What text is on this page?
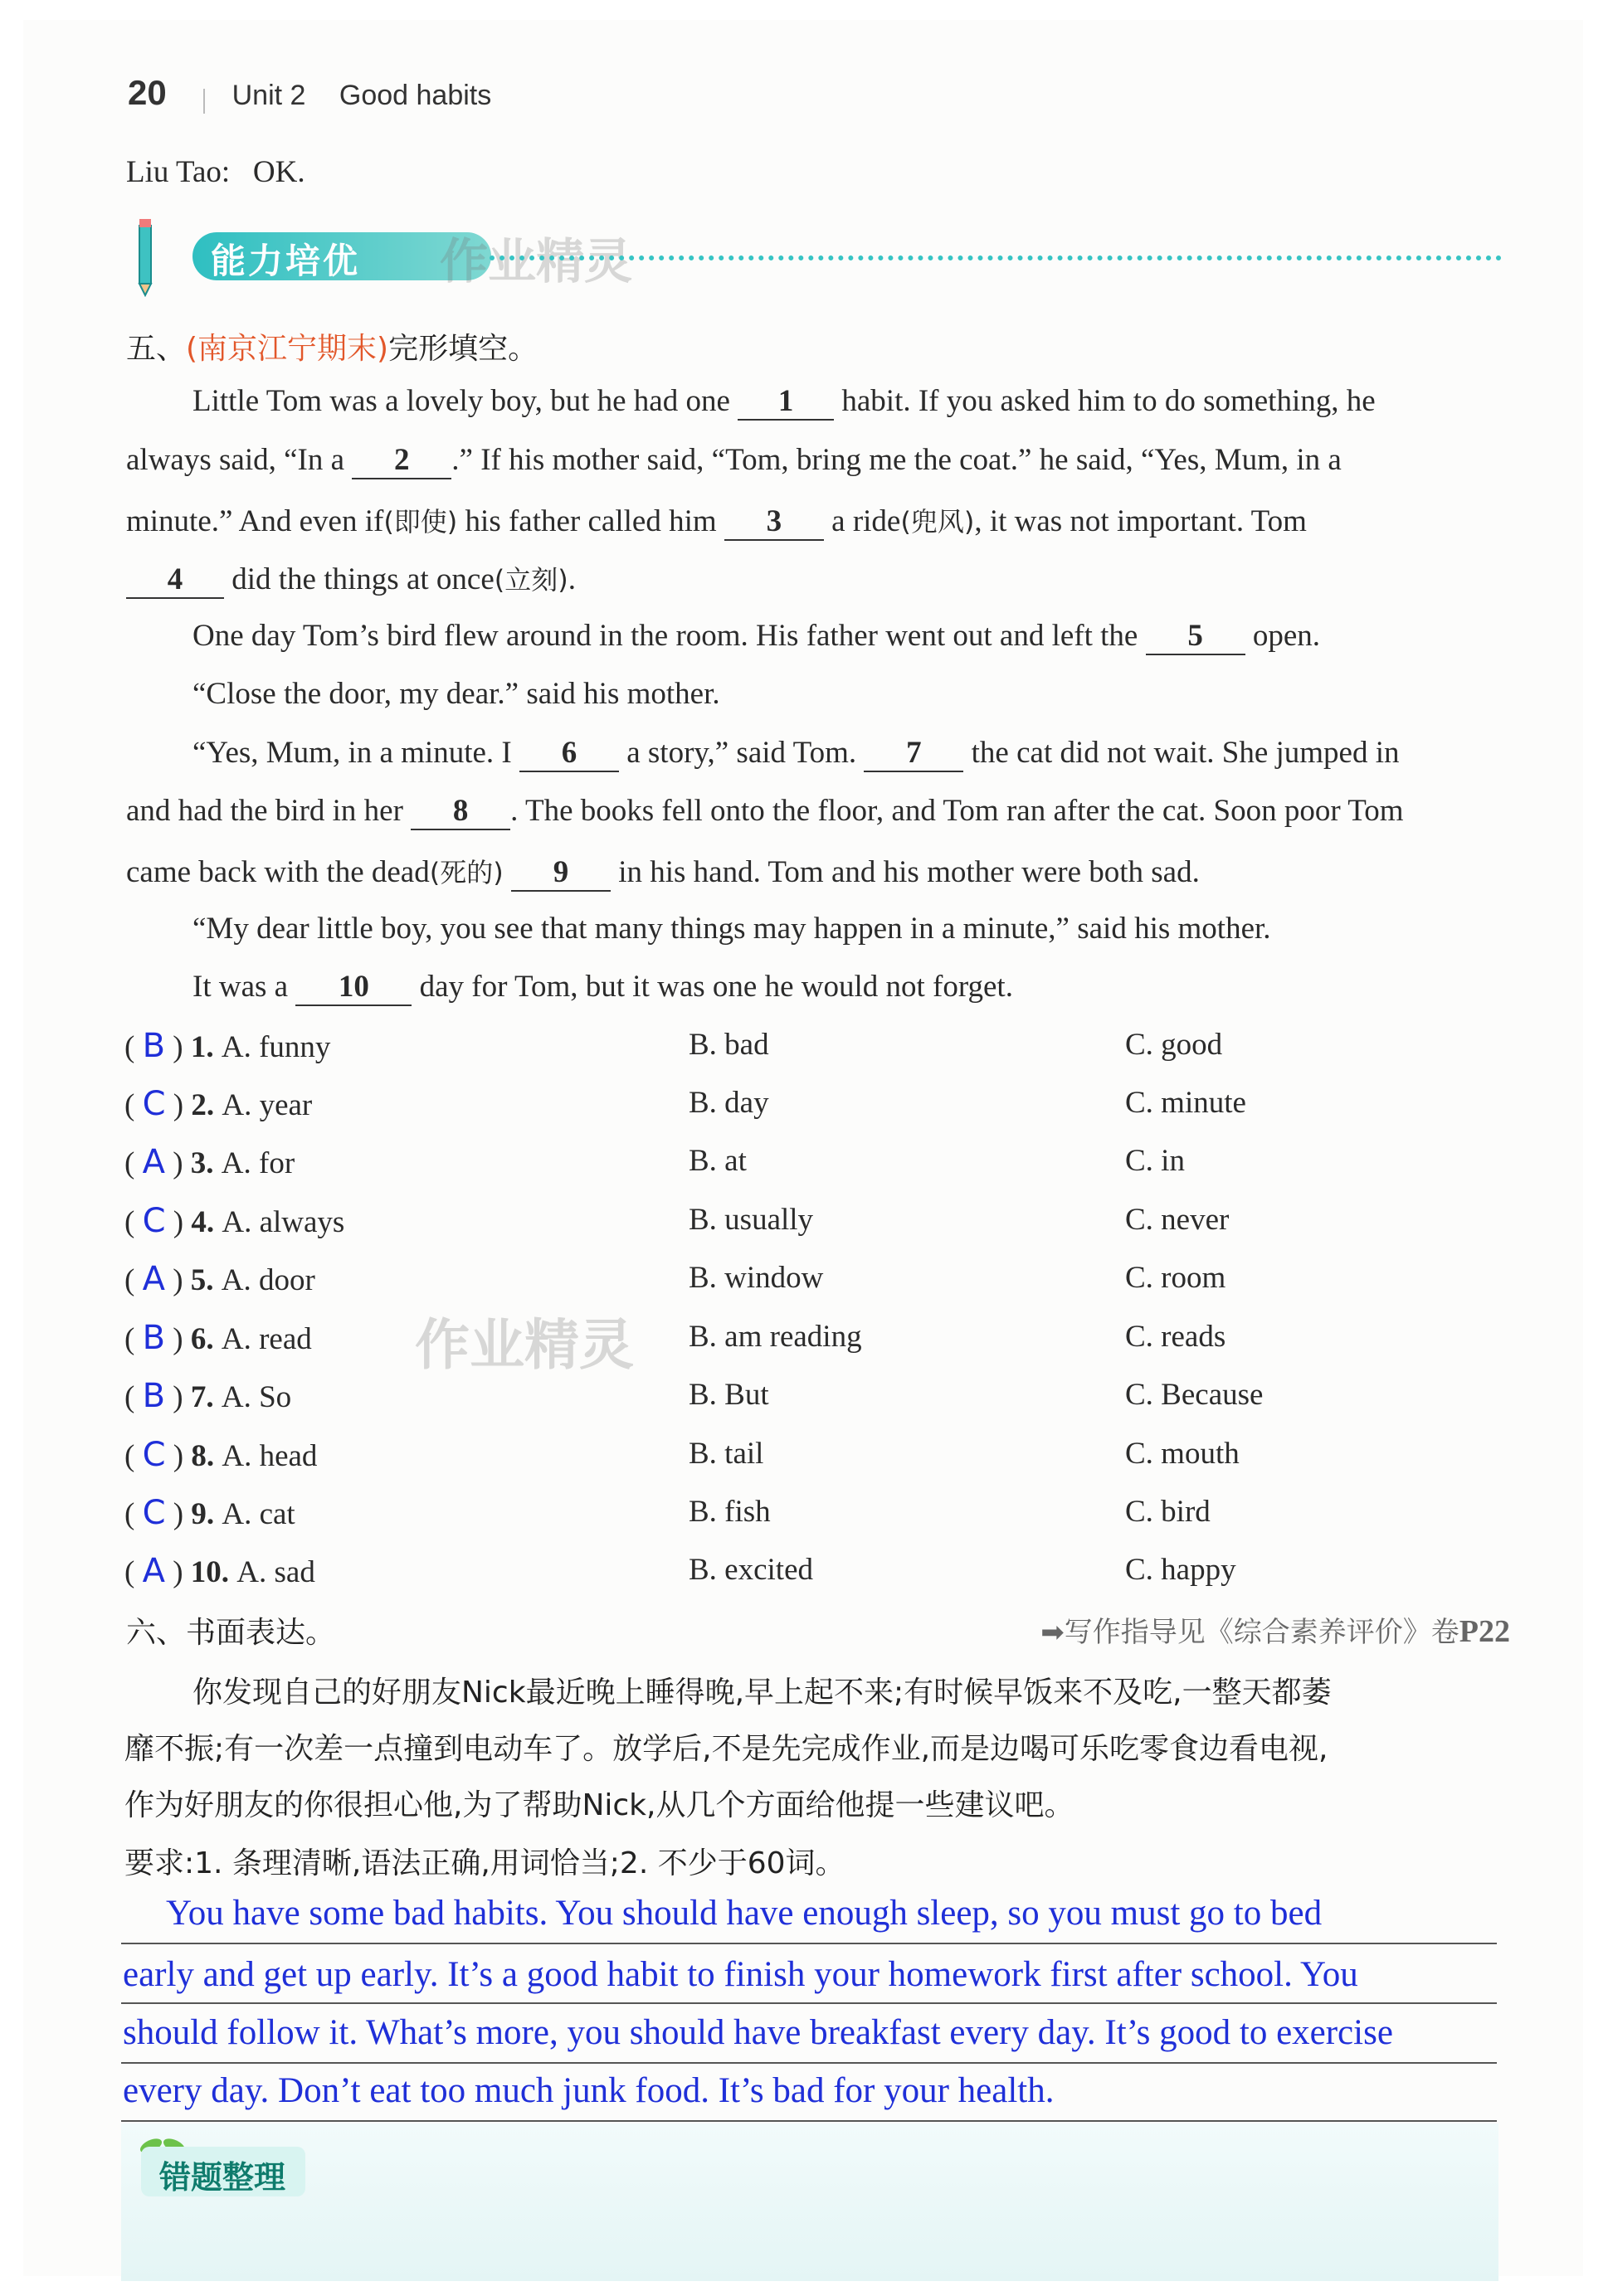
20 Unit 2 Good habits
Liu Tao:   OK.
能力培优 作业精灵
五、(南京江宁期末)完形填空。
Little Tom was a lovely boy, but he had one 1 habit. If you asked him to do something, he
always said, “In a 2 .” If his mother said, “Tom, bring me the coat.” he said, “Yes, Mum, in a
minute.” And even if(即使) his father called him 3 a ride(兜风), it was not important. Tom
4 did the things at once(立刻).
One day Tom’s bird flew around in the room. His father went out and left the 5 open.
“Close the door, my dear.” said his mother.
“Yes, Mum, in a minute. I 6 a story,” said Tom. 7 the cat did not wait. She jumped in
and had the bird in her 8 . The books fell onto the floor, and Tom ran after the cat. Soon poor Tom
came back with the dead(死的) 9 in his hand. Tom and his mother were both sad.
“My dear little boy, you see that many things may happen in a minute,” said his mother.
It was a 10 day for Tom, but it was one he would not forget.
( B ) 1. A. funny	B. bad	C. good
( C ) 2. A. year	B. day	C. minute
( A ) 3. A. for	B. at	C. in
( C ) 4. A. always	B. usually	C. never
( A ) 5. A. door	B. window	C. room
( B ) 6. A. read 作业精灵 B. am reading	C. reads
( B ) 7. A. So	B. But	C. Because
( C ) 8. A. head	B. tail	C. mouth
( C ) 9. A. cat	B. fish	C. bird
( A ) 10. A. sad	B. excited	C. happy
六、书面表达。	➡写作指导见《综合素养评价》卷P22
你发现自己的好朋友Nick最近晚上睡得晚,早上起不来;有时候早饭来不及吃,一整天都萎
靡不振;有一次差一点撞到电动车了。放学后,不是先完成作业,而是边喝可乐吃零食边看电视,
作为好朋友的你很担心他,为了帮助Nick,从几个方面给他提一些建议吧。
要求:1. 条理清晰,语法正确,用词恰当;2. 不少于60词。
You have some bad habits. You should have enough sleep, so you must go to bed
early and get up early. It’s a good habit to finish your homework first after school. You
should follow it. What’s more, you should have breakfast every day. It’s good to exercise
every day. Don’t eat too much junk food. It’s bad for your health.
错题整理
